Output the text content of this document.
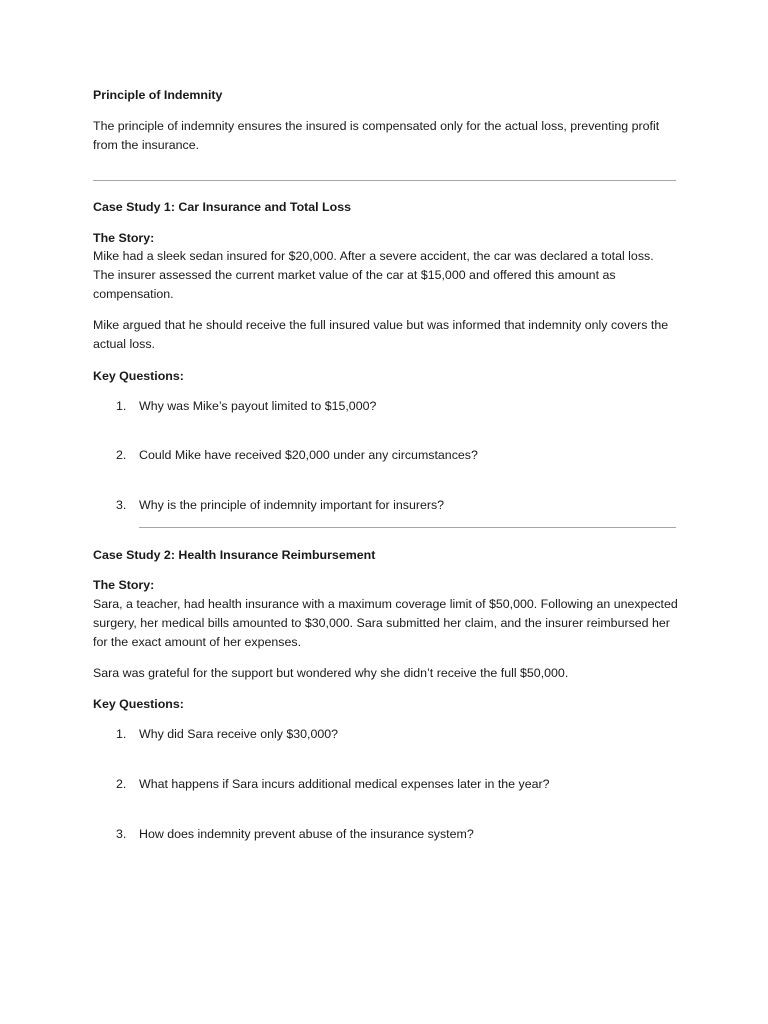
Principle of Indemnity

The principle of indemnity ensures the insured is compensated only for the actual loss, preventing profit from the insurance.

Case Study 1: Car Insurance and Total Loss

The Story:

Mike had a sleek sedan insured for $20,000. After a severe accident, the car was declared a total loss. The insurer assessed the current market value of the car at $15,000 and offered this amount as compensation.

Mike argued that he should receive the full insured value but was informed that indemnity only covers the actual loss.

Key Questions:

1. Why was Mike’s payout limited to $15,000?

2. Could Mike have received $20,000 under any circumstances?

3. Why is the principle of indemnity important for insurers?

Case Study 2: Health Insurance Reimbursement

The Story:

Sara, a teacher, had health insurance with a maximum coverage limit of $50,000. Following an unexpected surgery, her medical bills amounted to $30,000. Sara submitted her claim, and the insurer reimbursed her for the exact amount of her expenses.

Sara was grateful for the support but wondered why she didn’t receive the full $50,000.

Key Questions:

1. Why did Sara receive only $30,000?

2. What happens if Sara incurs additional medical expenses later in the year?

3. How does indemnity prevent abuse of the insurance system?
